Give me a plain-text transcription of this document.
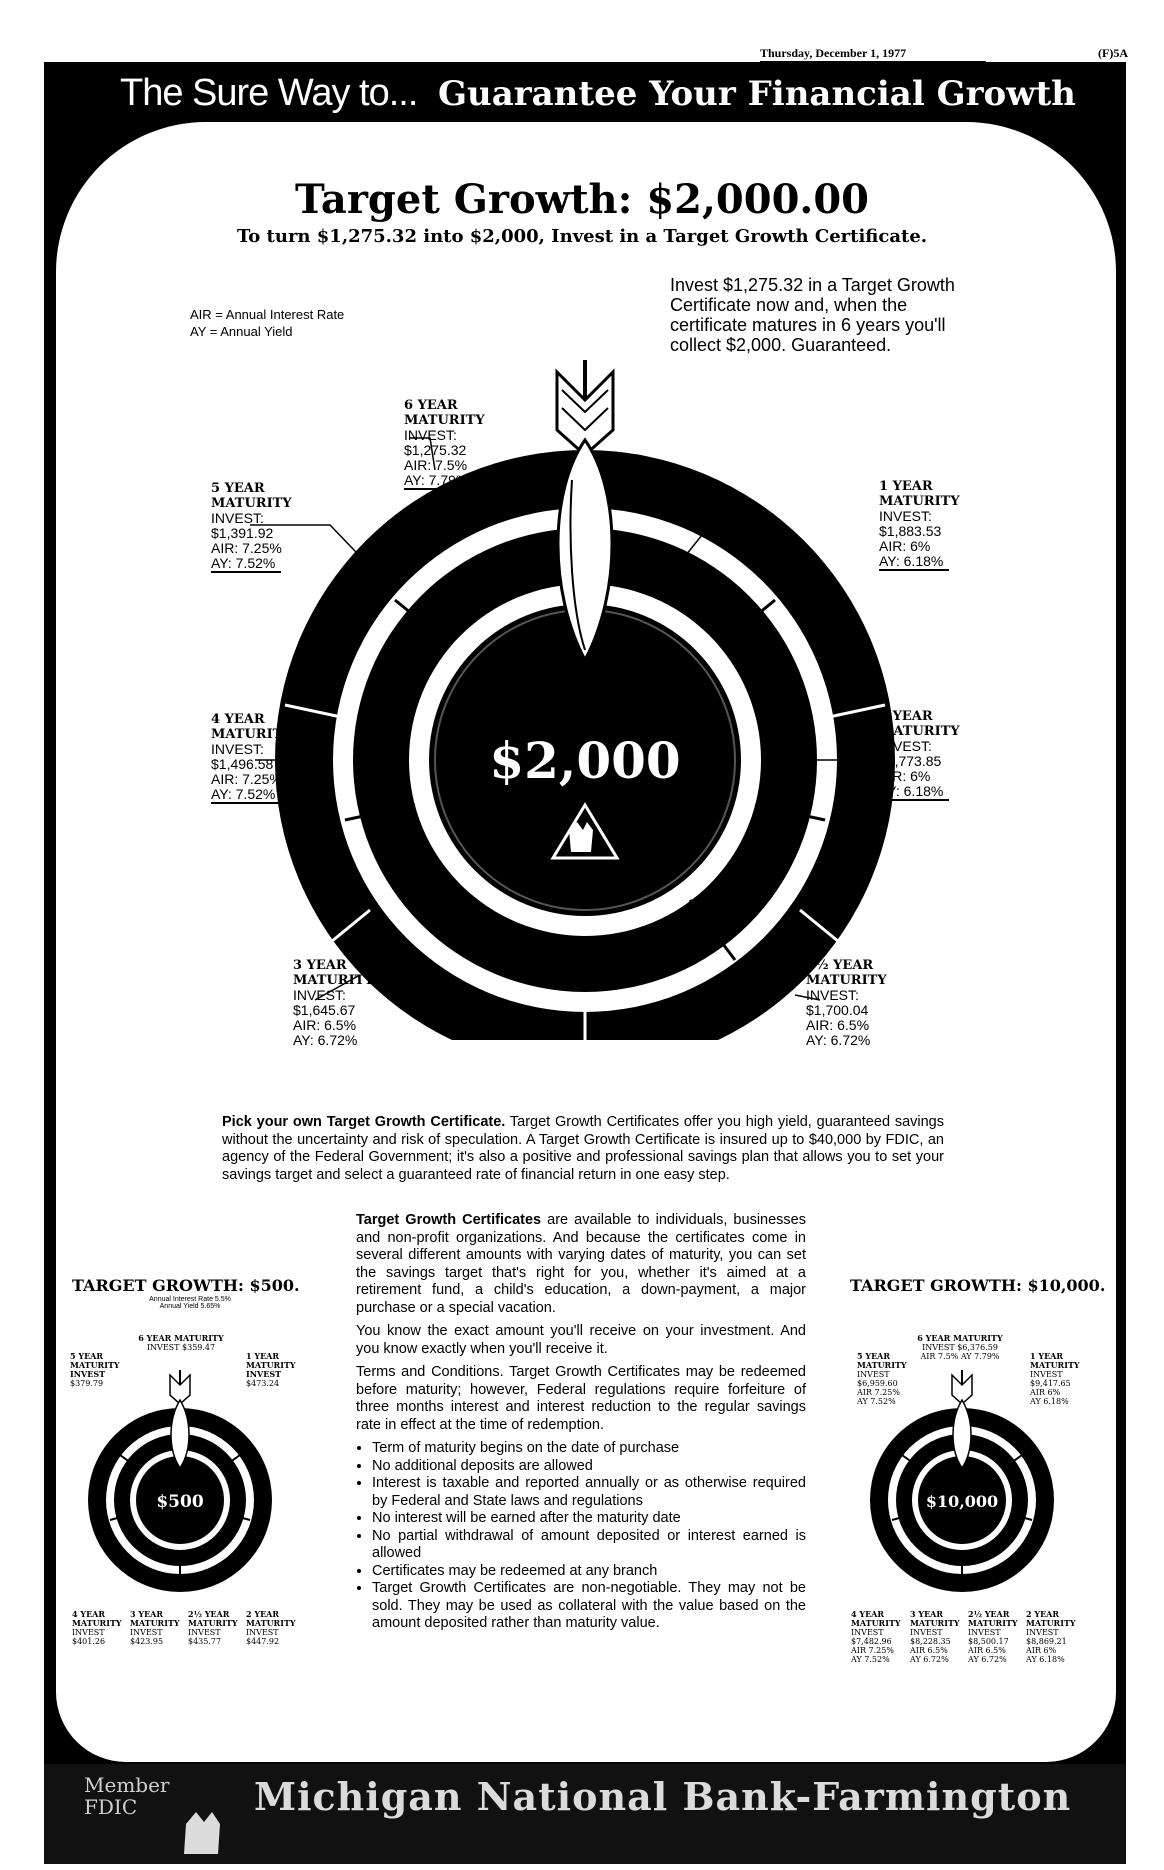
Thursday, December 1, 1977	(F)5A
The Sure Way to... Guarantee Your Financial Growth
Target Growth: $2,000.00
To turn $1,275.32 into $2,000, Invest in a Target Growth Certificate.
AIR = Annual Interest Rate
AY = Annual Yield
Invest $1,275.32 in a Target Growth Certificate now and, when the certificate matures in 6 years you'll collect $2,000. Guaranteed.
$2,000
6 YEAR
MATURITY
INVEST:
$1,275.32
AIR: 7.5%
AY: 7.79%
5 YEAR
MATURITY
INVEST:
$1,391.92
AIR: 7.25%
AY: 7.52%
1 YEAR
MATURITY
INVEST:
$1,883.53
AIR: 6%
AY: 6.18%
4 YEAR
MATURITY
INVEST:
$1,496.58
AIR: 7.25%
AY: 7.52%
2 YEAR
MATURITY
INVEST:
$1,773.85
AIR: 6%
AY: 6.18%
3 YEAR
MATURITY
INVEST:
$1,645.67
AIR: 6.5%
AY: 6.72%
2½ YEAR
MATURITY
INVEST:
$1,700.04
AIR: 6.5%
AY: 6.72%
Pick your own Target Growth Certificate. Target Growth Certificates offer you high yield, guaranteed savings without the uncertainty and risk of speculation. A Target Growth Certificate is insured up to $40,000 by FDIC, an agency of the Federal Government; it's also a positive and professional savings plan that allows you to set your savings target and select a guaranteed rate of financial return in one easy step.

Target Growth Certificates are available to individuals, businesses and non-profit organizations. And because the certificates come in several different amounts with varying dates of maturity, you can set the savings target that's right for you, whether it's aimed at a retirement fund, a child's education, a down-payment, a major purchase or a special vacation.

You know the exact amount you'll receive on your investment. And you know exactly when you'll receive it.

Terms and Conditions. Target Growth Certificates may be redeemed before maturity; however, Federal regulations require forfeiture of three months interest and interest reduction to the regular savings rate in effect at the time of redemption.

• Term of maturity begins on the date of purchase
• No additional deposits are allowed
• Interest is taxable and reported annually or as otherwise required by Federal and State laws and regulations
• No interest will be earned after the maturity date
• No partial withdrawal of amount deposited or interest earned is allowed
• Certificates may be redeemed at any branch
• Target Growth Certificates are non-negotiable. They may not be sold. They may be used as collateral with the value based on the amount deposited rather than maturity value.
TARGET GROWTH: $500.
Annual Interest Rate 5.5%
Annual Yield 5.65%
6 YEAR MATURITY
INVEST $359.47
5 YEAR
MATURITY
INVEST
$379.79
1 YEAR
MATURITY
INVEST
$473.24
$500
4 YEAR
MATURITY
INVEST
$401.26
3 YEAR
MATURITY
INVEST
$423.95
2½ YEAR
MATURITY
INVEST
$435.77
2 YEAR
MATURITY
INVEST
$447.92
TARGET GROWTH: $10,000.
6 YEAR MATURITY
INVEST $6,376.59
AIR 7.5% AY 7.79%
5 YEAR
MATURITY
INVEST
$6,959.60
AIR 7.25%
AY 7.52%
1 YEAR
MATURITY
INVEST
$9,417.65
AIR 6%
AY 6.18%
$10,000
4 YEAR
MATURITY
INVEST
$7,482.96
AIR 7.25%
AY 7.52%
3 YEAR
MATURITY
INVEST
$8,228.35
AIR 6.5%
AY 6.72%
2½ YEAR
MATURITY
INVEST
$8,500.17
AIR 6.5%
AY 6.72%
2 YEAR
MATURITY
INVEST
$8,869.21
AIR 6%
AY 6.18%
Member
FDIC	Michigan National Bank-Farmington
